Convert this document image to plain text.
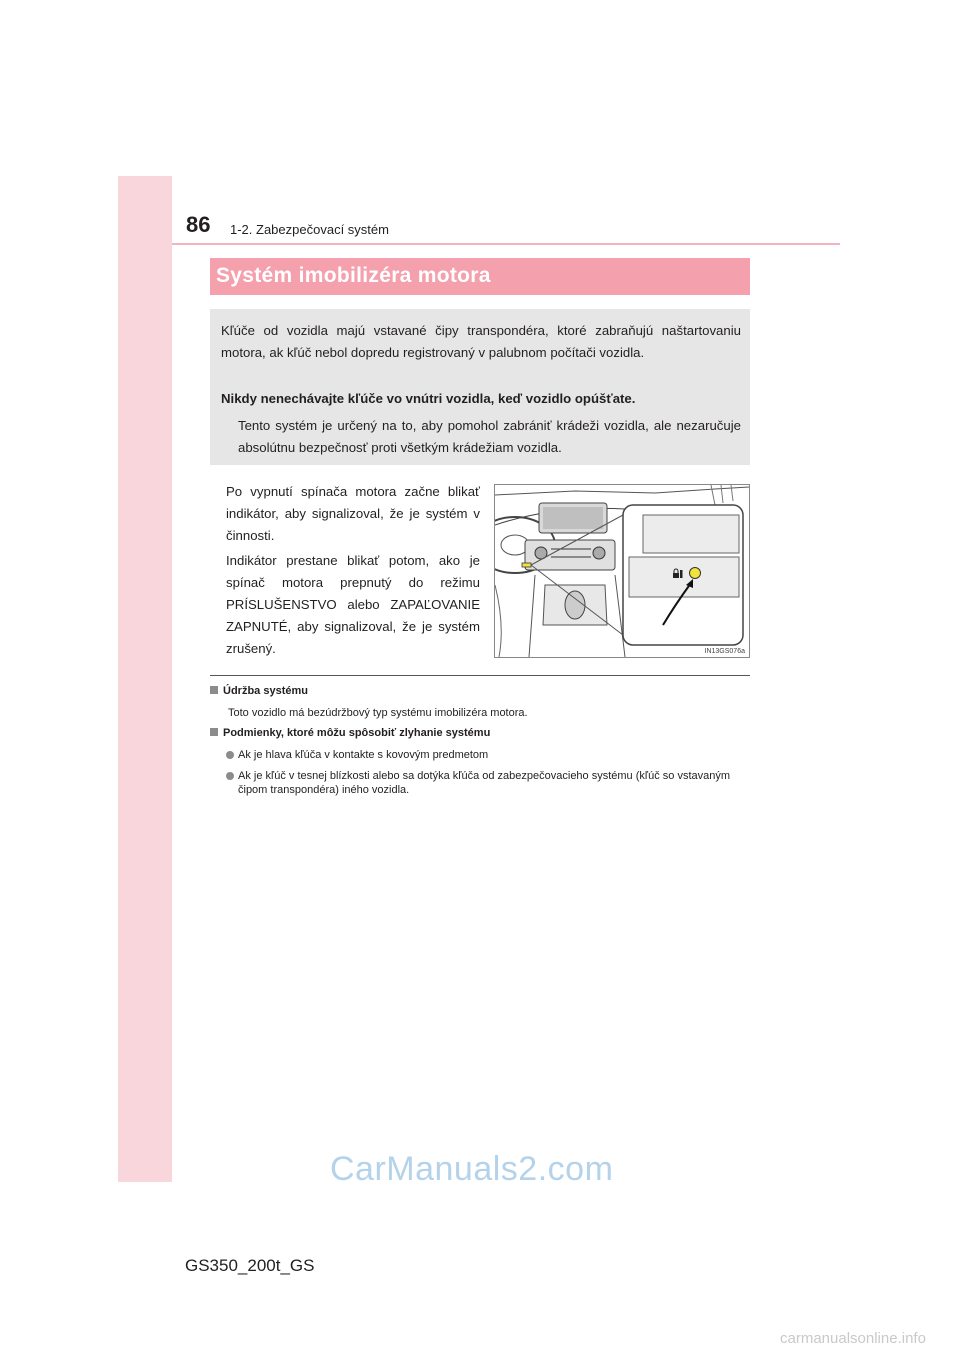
86 1-2. Zabezpečovací systém
Systém imobilizéra motora

Kľúče od vozidla majú vstavané čipy transpondéra, ktoré zabraňujú naštartovaniu motora, ak kľúč nebol dopredu registrovaný v palubnom počítači vozidla.

Nikdy nenechávajte kľúče vo vnútri vozidla, keď vozidlo opúšťate.

Tento systém je určený na to, aby pomohol zabrániť krádeži vozidla, ale nezaručuje absolútnu bezpečnosť proti všetkým krádežiam vozidla.

Po vypnutí spínača motora začne blikať indikátor, aby signalizoval, že je systém v činnosti.

Indikátor prestane blikať potom, ako je spínač motora prepnutý do režimu PRÍSLUŠENSTVO alebo ZAPAĽOVANIE ZAPNUTÉ, aby signalizoval, že je systém zrušený.	IN13GS076a
Údržba systému

Toto vozidlo má bezúdržbový typ systému imobilizéra motora.

Podmienky, ktoré môžu spôsobiť zlyhanie systému
Ak je hlava kľúča v kontakte s kovovým predmetom
Ak je kľúč v tesnej blízkosti alebo sa dotýka kľúča od zabezpečovacieho systému (kľúč so vstavaným čipom transpondéra) iného vozidla.
CarManuals2.com
GS350_200t_GS
carmanualsonline.info
